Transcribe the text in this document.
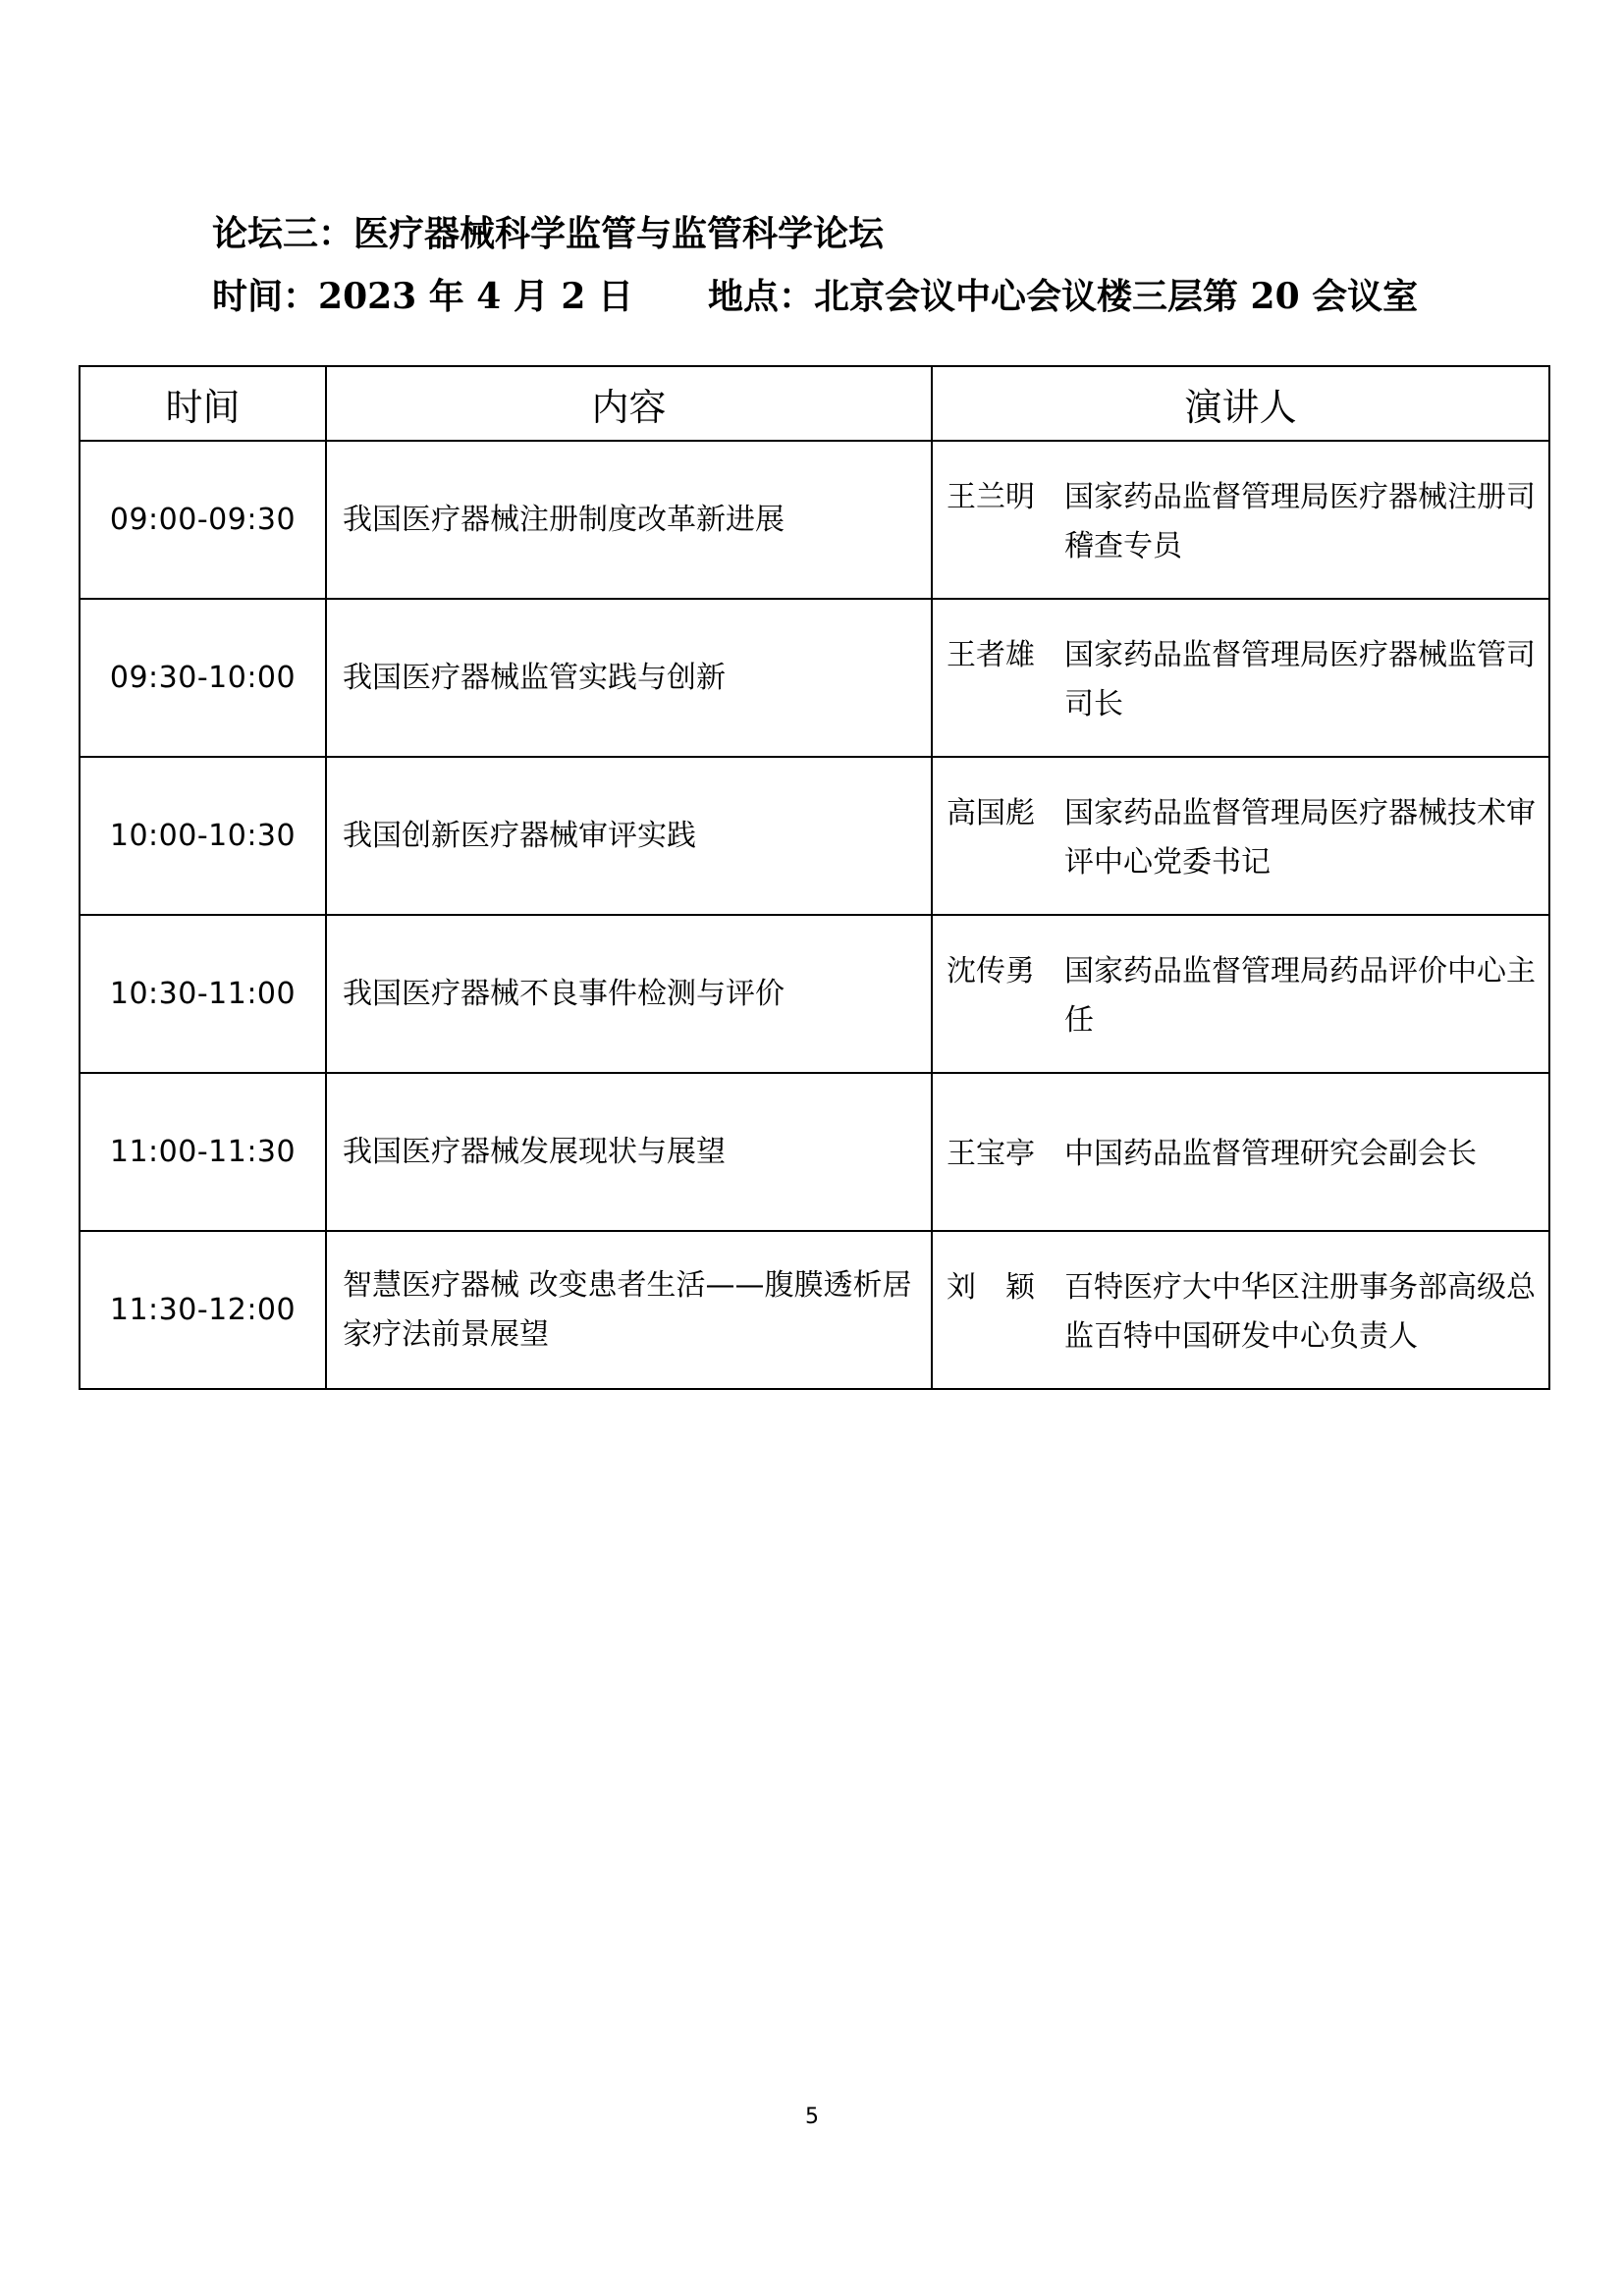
论坛三：医疗器械科学监管与监管科学论坛
时间：2023 年 4 月 2 日 地点：北京会议中心会议楼三层第 20 会议室
时间	内容	演讲人
09:00-09:30	我国医疗器械注册制度改革新进展	王兰明 国家药品监督管理局医疗器械注册司稽查专员

09:30-10:00	我国医疗器械监管实践与创新	王者雄 国家药品监督管理局医疗器械监管司司长

10:00-10:30	我国创新医疗器械审评实践	高国彪 国家药品监督管理局医疗器械技术审评中心党委书记

10:30-11:00	我国医疗器械不良事件检测与评价	沈传勇 国家药品监督管理局药品评价中心主任

11:00-11:30	我国医疗器械发展现状与展望	王宝亭 中国药品监督管理研究会副会长

11:30-12:00	智慧医疗器械 改变患者生活——腹膜透析居家疗法前景展望	刘　颖 百特医疗大中华区注册事务部高级总监百特中国研发中心负责人
5
